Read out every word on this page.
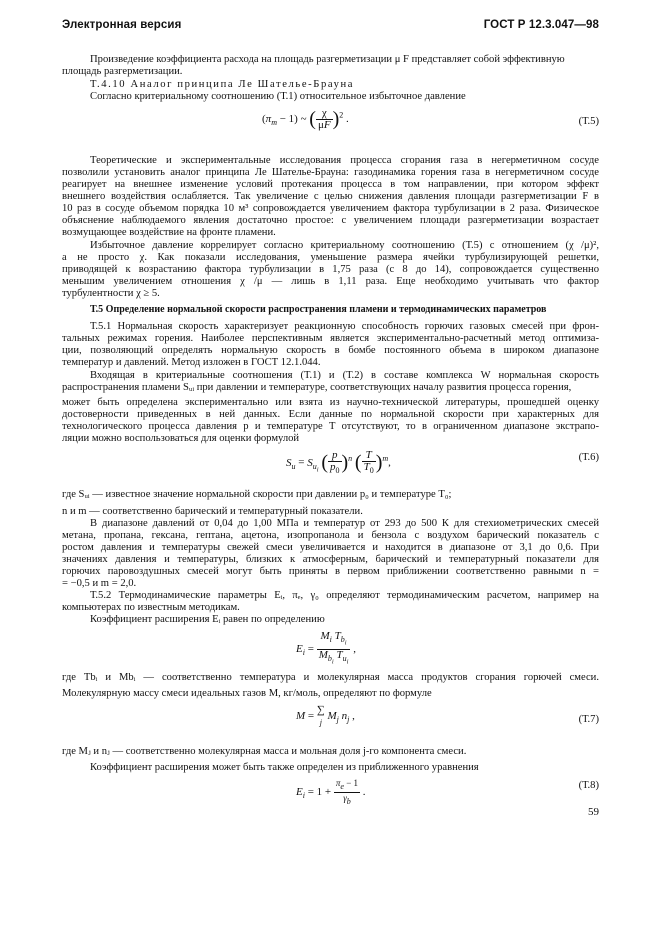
Электронная версия	ГОСТ Р 12.3.047—98
Произведение коэффициента расхода на площадь разгерметизации μ F представляет собой эффективную
площадь разгерметизации.
Т.4.10 Аналог принципа Ле Шателье-Брауна
Согласно критериальному соотношению (Т.1) относительное избыточное давление
$(\pi_m - 1)$ ~ ( $\frac{\chi}{\mu F} )^2$ .	(Т.5)
Теоретические и экспериментальные исследования процесса сгорания газа в негерметичном сосуде
позволили установить аналог принципа Ле Шателье-Брауна: газодинамика горения газа в негерметичном сосуде
реагирует на внешнее изменение условий протекания процесса в том направлении, при котором эффект
внешнего воздействия ослабляется. Так увеличение с целью снижения давления площади разгерметизации F в
10 раз в сосуде объемом порядка 10 м³ сопровождается увеличением фактора турбулизации в 2 раза. Физическое
объяснение наблюдаемого явления достаточно простое: с увеличением площади разгерметизации возрастает
возмущающее воздействие на фронте пламени.
Избыточное давление коррелирует согласно критериальному соотношению (Т.5) с отношением (χ /μ)²,
а не просто χ. Как показали исследования, уменьшение размера ячейки турбулизирующей решетки,
приводящей к возрастанию фактора турбулизации в 1,75 раза (с 8 до 14), сопровождается существенно
меньшим увеличением отношения χ /μ — лишь в 1,11 раза. Еще необходимо учитывать что фактор
турбулентности χ ≥ 5.
Т.5 Определение нормальной скорости распространения пламени и термодинамических параметров
Т.5.1 Нормальная скорость характеризует реакционную способность горючих газовых смесей при фрон-
тальных режимах горения. Наиболее перспективным является экспериментально-расчетный метод оптимиза-
ции, позволяющий определять нормальную скорость в бомбе постоянного объема в широком диапазоне
температур и давлений. Метод изложен в ГОСТ 12.1.044.
Входящая в критериальные соотношения (Т.1) и (Т.2) в составе комплекса W нормальная скорость
распространения пламени Sᵤᵢ при давлении и температуре, соответствующих началу развития процесса горения,
может быть определена экспериментально или взята из научно-технической литературы, прошедшей оценку
достоверности приведенных в ней данных. Если данные по нормальной скорости при характерных для
технологического процесса давления p и температуре T отсутствуют, то в ограниченном диапазоне экстрапо-
ляции можно воспользоваться для оценки формулой
$S_u = S_{u_i}$ ( $\frac{p}{p_0} )^n$ ( $\frac{T}{T_0} )^m$,	(Т.6)
где Sᵤᵢ — известное значение нормальной скорости при давлении p₀ и температуре T₀;
n и m — соответственно барический и температурный показатели.
В диапазоне давлений от 0,04 до 1,00 МПа и температур от 293 до 500 К для стехиометрических смесей
метана, пропана, гексана, гептана, ацетона, изопропанола и бензола с воздухом барический показатель с
ростом давления и температуры свежей смеси увеличивается и находится в диапазоне от 3,1 до 0,6. При
значениях давления и температуры, близких к атмосферным, барический и температурный показатели для
горючих паровоздушных смесей могут быть приняты в первом приближении соответственно равными n =
= −0,5 и m = 2,0.
Т.5.2 Термодинамические параметры Eᵢ, πₑ, γ₀ определяют термодинамическим расчетом, например на
компьютерах по известным методикам.
Коэффициент расширения Eᵢ равен по определению
$E_i = \frac{M_i T_{b_i}}{M_{b_i} T_{u_i}}$ ,
где Tbᵢ и Mbᵢ — соответственно температура и молекулярная масса продуктов сгорания горючей смеси.
Молекулярную массу смеси идеальных газов M, кг/моль, определяют по формуле
M = ∑
j $M_j$ $n_j$ ,	(Т.7)
где Mⱼ и nⱼ — соответственно молекулярная масса и мольная доля j-го компонента смеси.
Коэффициент расширения может быть также определен из приближенного уравнения
$E_i = 1 + \frac{\pi_e - 1}{\gamma_b}$ .
(Т.8)
59
